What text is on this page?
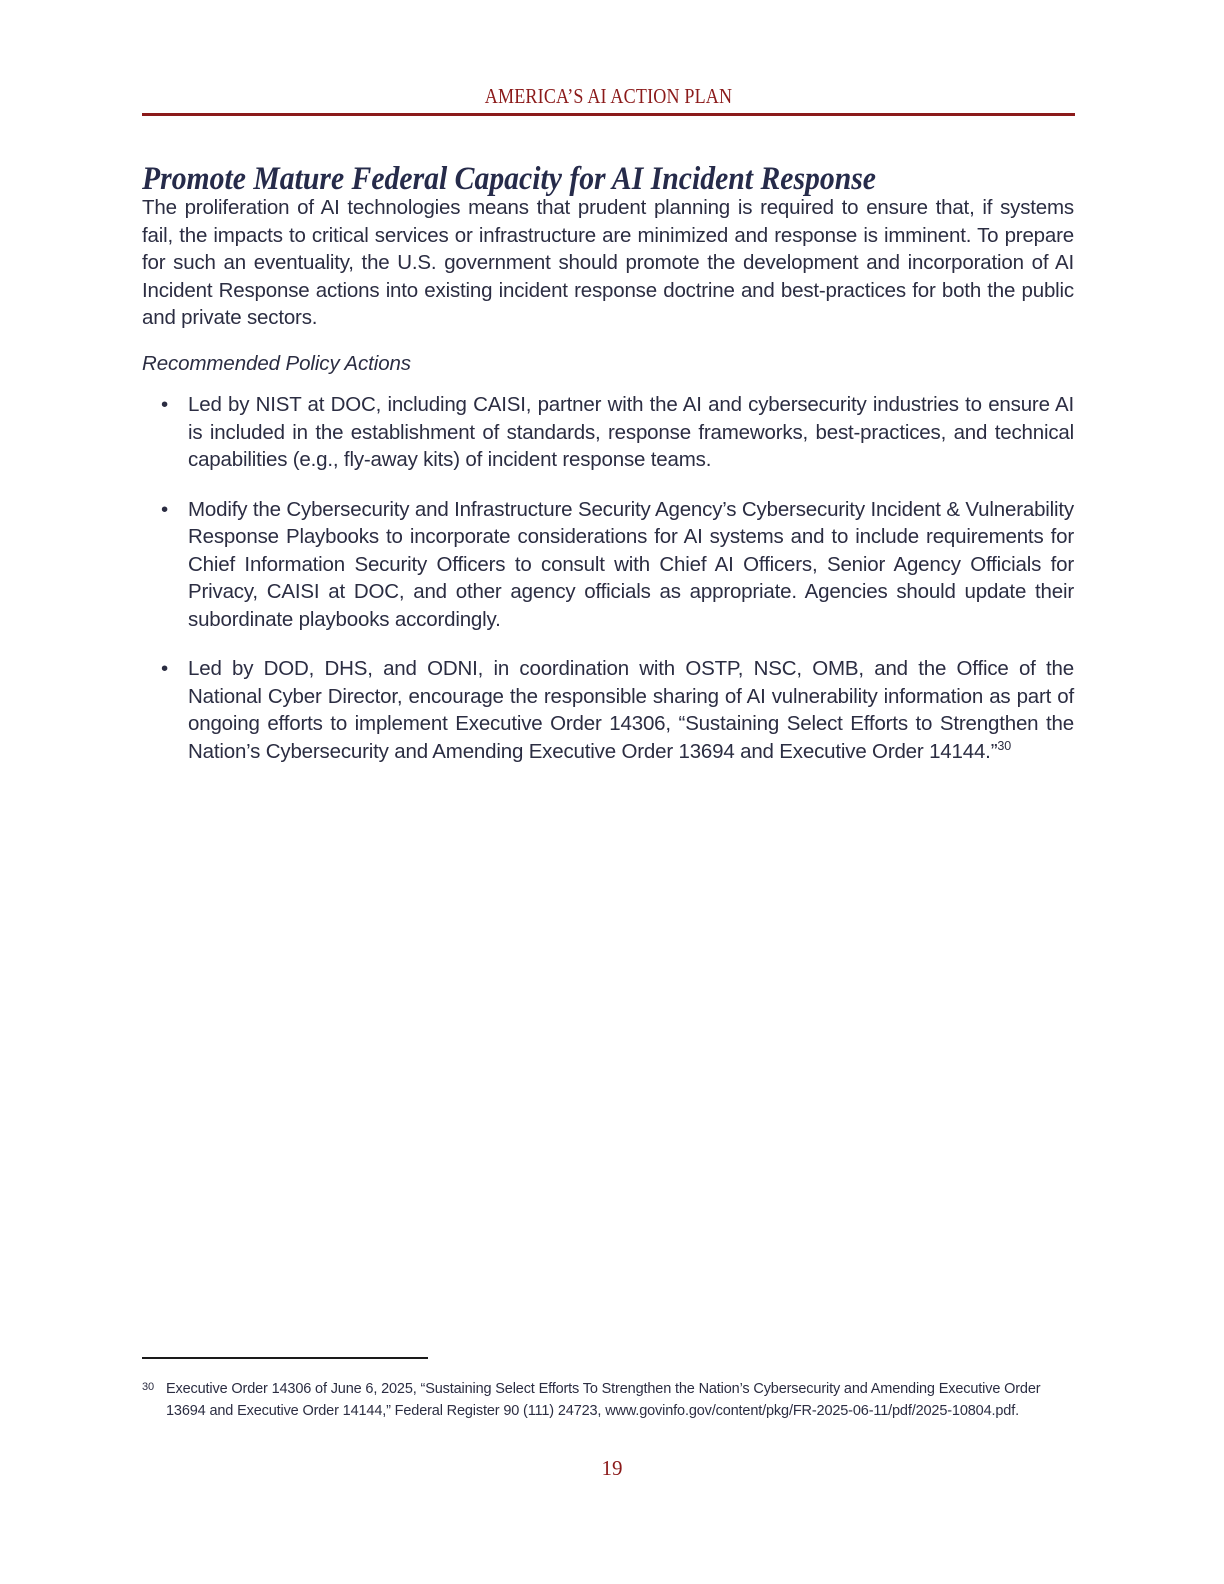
AMERICA’S AI ACTION PLAN
Promote Mature Federal Capacity for AI Incident Response

The proliferation of AI technologies means that prudent planning is required to ensure that, if systems fail, the impacts to critical services or infrastructure are minimized and response is imminent. To prepare for such an eventuality, the U.S. government should promote the development and incorporation of AI Incident Response actions into existing incident response doctrine and best-practices for both the public and private sectors.

Recommended Policy Actions

• Led by NIST at DOC, including CAISI, partner with the AI and cybersecurity industries to ensure AI is included in the establishment of standards, response frameworks, best-practices, and technical capabilities (e.g., fly-away kits) of incident response teams.
• Modify the Cybersecurity and Infrastructure Security Agency’s Cybersecurity Incident & Vulnerability Response Playbooks to incorporate considerations for AI systems and to include requirements for Chief Information Security Officers to consult with Chief AI Officers, Senior Agency Officials for Privacy, CAISI at DOC, and other agency officials as appropriate. Agencies should update their subordinate playbooks accordingly.
• Led by DOD, DHS, and ODNI, in coordination with OSTP, NSC, OMB, and the Office of the National Cyber Director, encourage the responsible sharing of AI vulnerability information as part of ongoing efforts to implement Executive Order 14306, “Sustaining Select Efforts to Strengthen the Nation’s Cybersecurity and Amending Executive Order 13694 and Executive Order 14144.”$^{30}$
30 Executive Order 14306 of June 6, 2025, “Sustaining Select Efforts To Strengthen the Nation’s Cybersecurity and Amending Executive Order 13694 and Executive Order 14144,” Federal Register 90 (111) 24723, www.govinfo.gov/content/pkg/FR-2025-06-11/pdf/2025-10804.pdf.
19
